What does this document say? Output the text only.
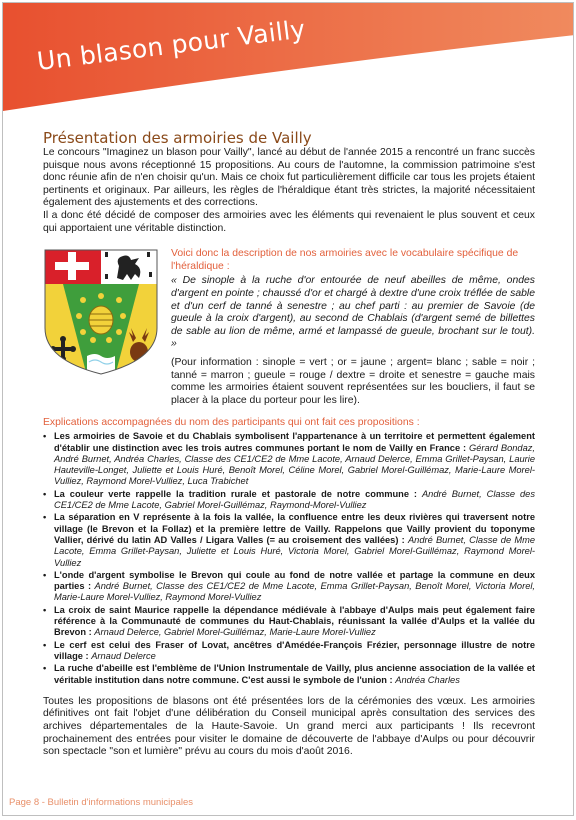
Un blason pour Vailly
Présentation des armoiries de Vailly

Le concours "Imaginez un blason pour Vailly", lancé au début de l'année 2015 a rencontré un franc succès puisque nous avons réceptionné 15 propositions. Au cours de l'automne, la commission patrimoine s'est donc réunie afin de n'en choisir qu'un. Mais ce choix fut particulièrement difficile car tous les projets étaient pertinents et originaux. Par ailleurs, les règles de l'héraldique étant très strictes, la majorité nécessitaient également des ajustements et des corrections.

Il a donc été décidé de composer des armoiries avec les éléments qui revenaient le plus souvent et ceux qui apportaient une véritable distinction.

Voici donc la description de nos armoiries avec le vocabulaire spécifique de l'héraldique :

« De sinople à la ruche d'or entourée de neuf abeilles de même, ondes d'argent en pointe ; chaussé d'or et chargé à dextre d'une croix tréflée de sable et d'un cerf de tanné à senestre ; au chef parti : au premier de Savoie (de gueule à la croix d'argent), au second de Chablais (d'argent semé de billettes de sable au lion de même, armé et lampassé de gueule, brochant sur le tout). »

(Pour information : sinople = vert ; or = jaune ; argent= blanc ; sable = noir ; tanné = marron ; gueule = rouge / dextre = droite et senestre = gauche mais comme les armoiries étaient souvent représentées sur les boucliers, il faut se placer à la place du porteur pour les lire).

Explications accompagnées du nom des participants qui ont fait ces propositions :

• Les armoiries de Savoie et du Chablais symbolisent l'appartenance à un territoire et permettent également d'établir une distinction avec les trois autres communes portant le nom de Vailly en France : Gérard Bondaz, André Burnet, Andréa Charles, Classe des CE1/CE2 de Mme Lacote, Arnaud Delerce, Emma Grillet-Paysan, Laurie Hauteville-Longet, Juliette et Louis Huré, Benoît Morel, Céline Morel, Gabriel Morel-Guillémaz, Marie-Laure Morel-Vulliez, Raymond Morel-Vulliez, Luca Trabichet
• La couleur verte rappelle la tradition rurale et pastorale de notre commune : André Burnet, Classe des CE1/CE2 de Mme Lacote, Gabriel Morel-Guillémaz, Raymond-Morel-Vulliez
• La séparation en V représente à la fois la vallée, la confluence entre les deux rivières qui traversent notre village (le Brevon et la Follaz) et la première lettre de Vailly. Rappelons que Vailly provient du toponyme Vallier, dérivé du latin AD Valles / Ligara Valles (= au croisement des vallées) : André Burnet, Classe de Mme Lacote, Emma Grillet-Paysan, Juliette et Louis Huré, Victoria Morel, Gabriel Morel-Guillémaz, Raymond Morel-Vulliez
• L'onde d'argent symbolise le Brevon qui coule au fond de notre vallée et partage la commune en deux parties : André Burnet, Classe des CE1/CE2 de Mme Lacote, Emma Grillet-Paysan, Benoît Morel, Victoria Morel, Marie-Laure Morel-Vulliez, Raymond Morel-Vulliez
• La croix de saint Maurice rappelle la dépendance médiévale à l'abbaye d'Aulps mais peut également faire référence à la Communauté de communes du Haut-Chablais, réunissant la vallée d'Aulps et la vallée du Brevon : Arnaud Delerce, Gabriel Morel-Guillémaz, Marie-Laure Morel-Vulliez
• Le cerf est celui des Fraser of Lovat, ancêtres d'Amédée-François Frézier, personnage illustre de notre village : Arnaud Delerce
• La ruche d'abeille est l'emblème de l'Union Instrumentale de Vailly, plus ancienne association de la vallée et véritable institution dans notre commune. C'est aussi le symbole de l'union : Andréa Charles

Toutes les propositions de blasons ont été présentées lors de la cérémonies des vœux. Les armoiries définitives ont fait l'objet d'une délibération du Conseil municipal après consultation des services des archives départementales de la Haute-Savoie. Un grand merci aux participants ! Ils recevront prochainement des entrées pour visiter le domaine de découverte de l'abbaye d'Aulps ou pour découvrir son spectacle "son et lumière" prévu au cours du mois d'août 2016.

Page 8 - Bulletin d'informations municipales
